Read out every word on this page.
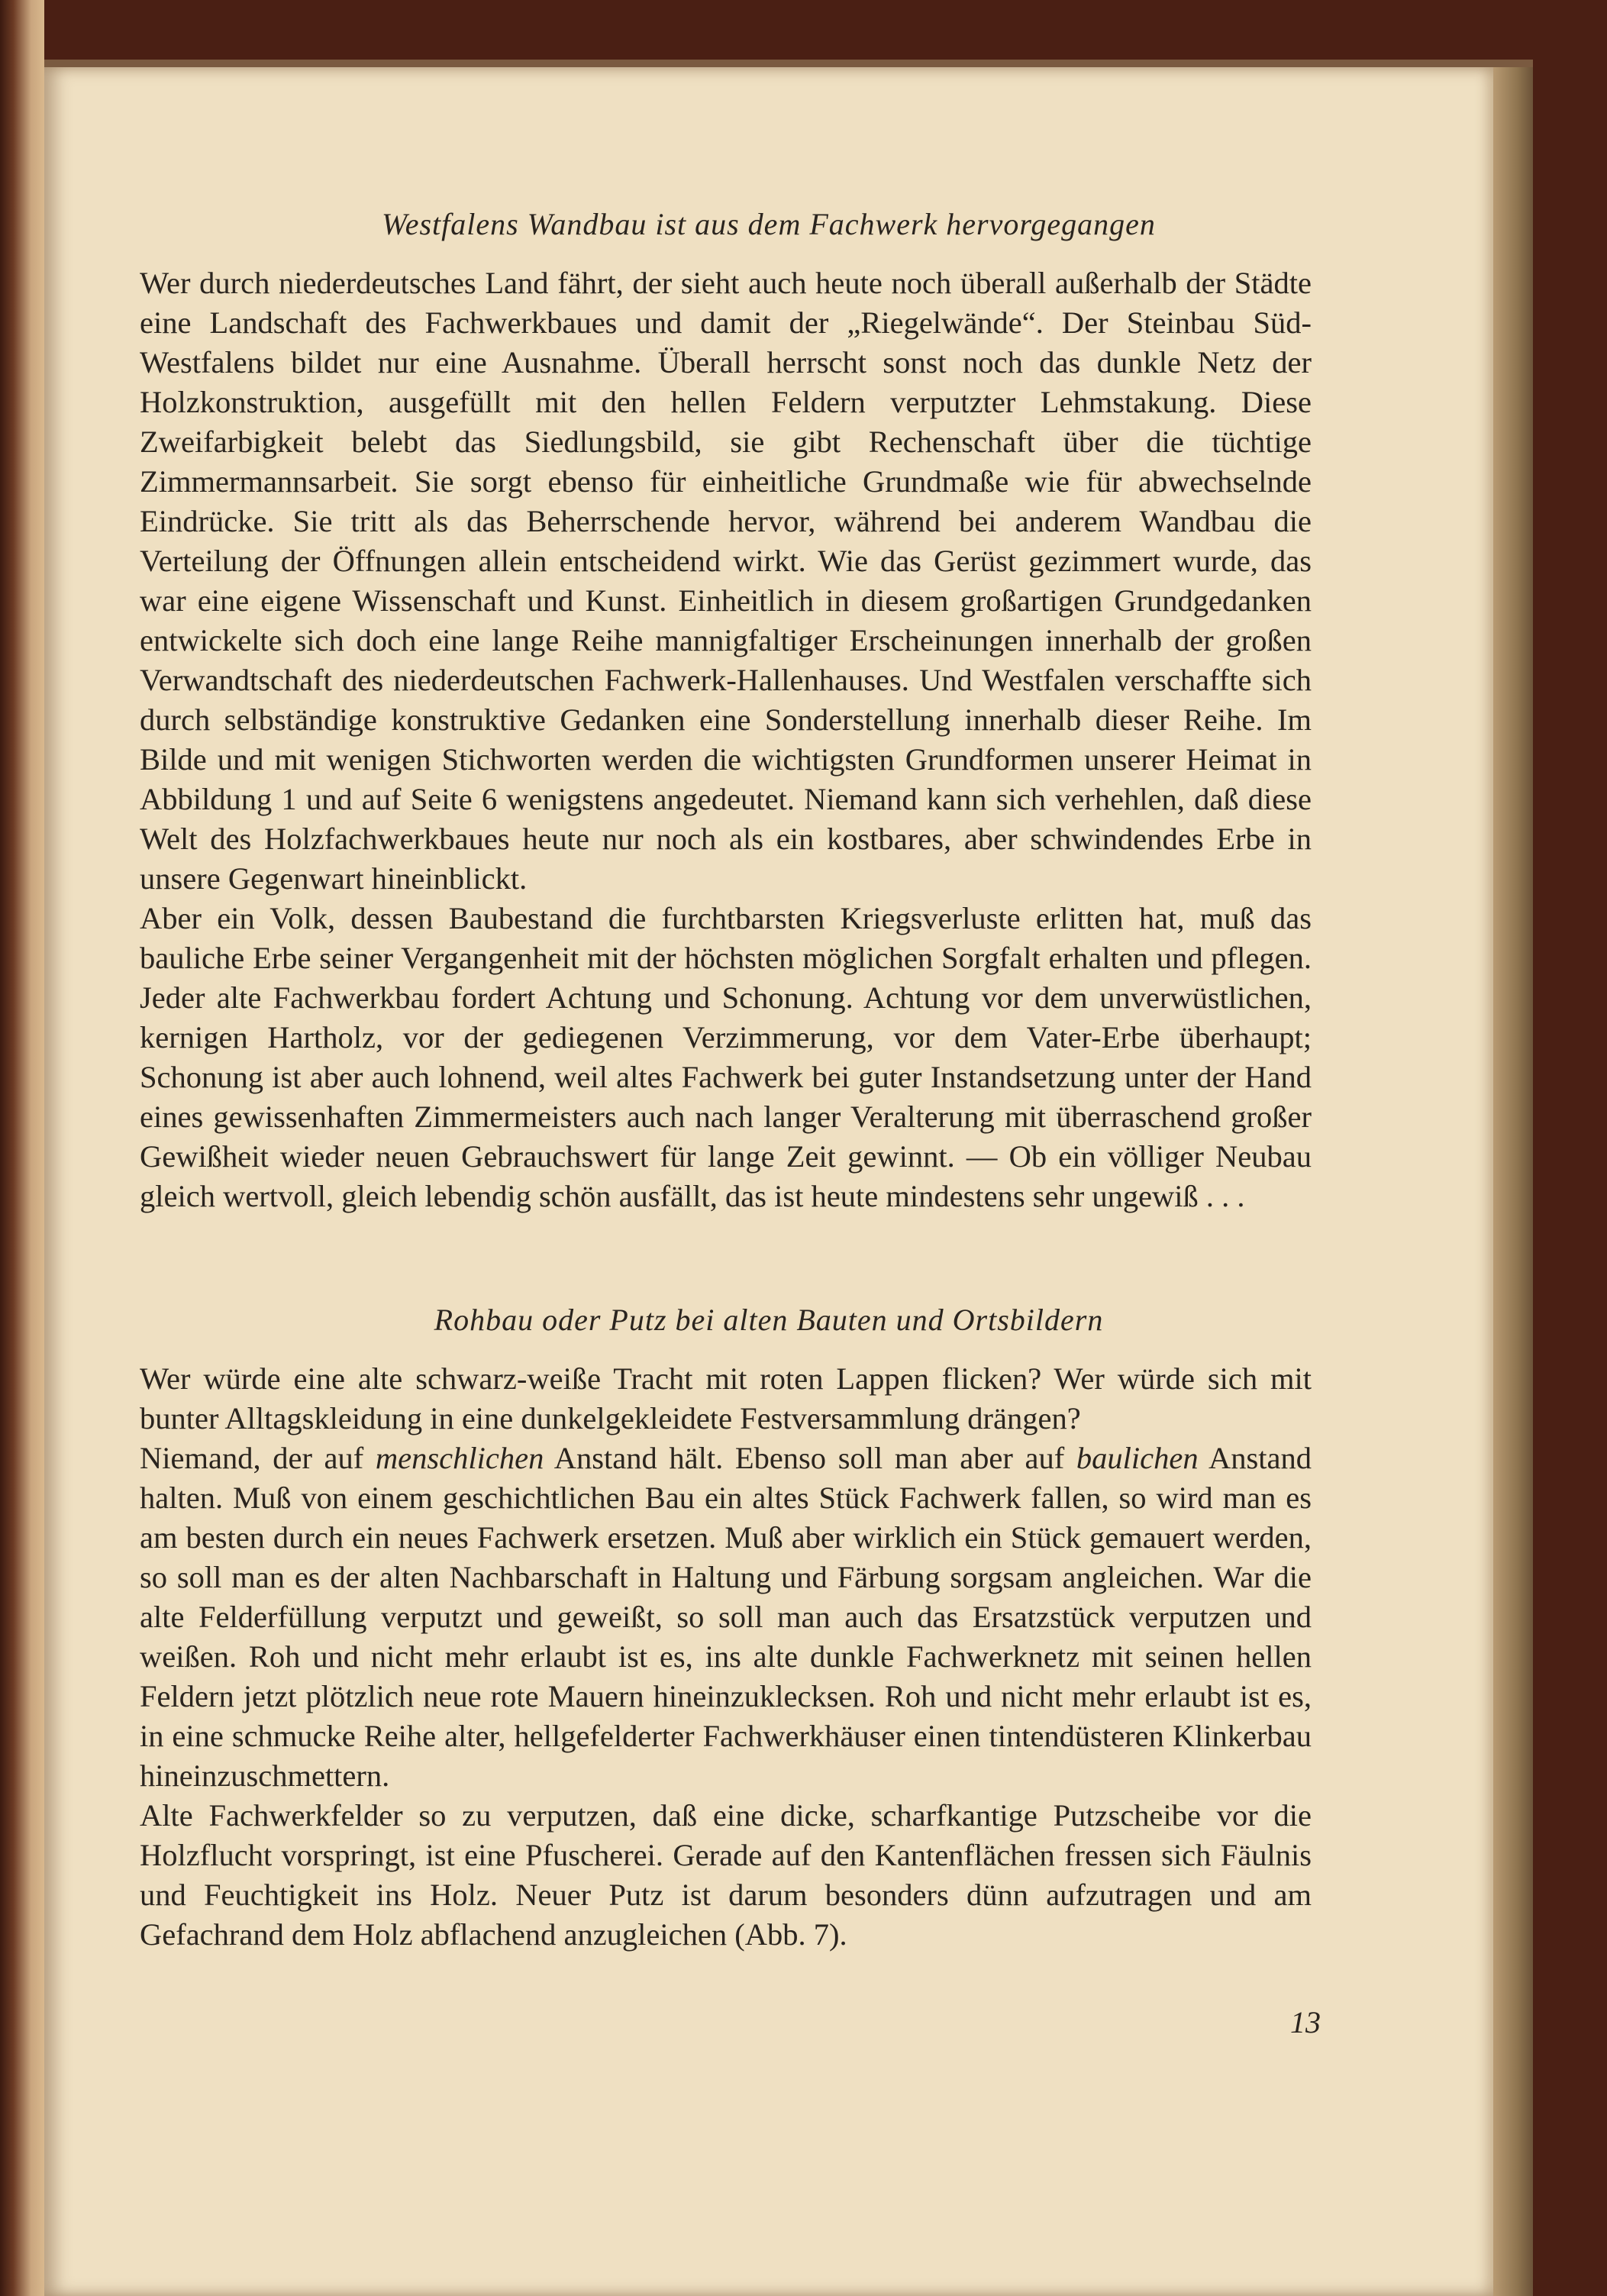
Westfalens Wandbau ist aus dem Fachwerk hervorgegangen

Wer durch niederdeutsches Land fährt, der sieht auch heute noch überall außerhalb der Städte eine Landschaft des Fachwerkbaues und damit der „Riegelwände“. Der Steinbau Süd-Westfalens bildet nur eine Ausnahme. Überall herrscht sonst noch das dunkle Netz der Holzkonstruktion, ausgefüllt mit den hellen Feldern verputzter Lehmstakung. Diese Zweifarbigkeit belebt das Siedlungsbild, sie gibt Rechenschaft über die tüchtige Zimmermannsarbeit. Sie sorgt ebenso für einheitliche Grundmaße wie für abwechselnde Eindrücke. Sie tritt als das Beherrschende hervor, während bei anderem Wandbau die Verteilung der Öffnungen allein entscheidend wirkt. Wie das Gerüst gezimmert wurde, das war eine eigene Wissenschaft und Kunst. Einheitlich in diesem großartigen Grundgedanken entwickelte sich doch eine lange Reihe mannigfaltiger Erscheinungen innerhalb der großen Verwandtschaft des niederdeutschen Fachwerk-Hallenhauses. Und Westfalen verschaffte sich durch selbständige konstruktive Gedanken eine Sonderstellung innerhalb dieser Reihe. Im Bilde und mit wenigen Stichworten werden die wichtigsten Grundformen unserer Heimat in Abbildung 1 und auf Seite 6 wenigstens angedeutet. Niemand kann sich verhehlen, daß diese Welt des Holzfachwerkbaues heute nur noch als ein kostbares, aber schwindendes Erbe in unsere Gegenwart hineinblickt.

Aber ein Volk, dessen Baubestand die furchtbarsten Kriegsverluste erlitten hat, muß das bauliche Erbe seiner Vergangenheit mit der höchsten möglichen Sorgfalt erhalten und pflegen. Jeder alte Fachwerkbau fordert Achtung und Schonung. Achtung vor dem unverwüstlichen, kernigen Hartholz, vor der gediegenen Verzimmerung, vor dem Vater-Erbe überhaupt; Schonung ist aber auch lohnend, weil altes Fachwerk bei guter Instandsetzung unter der Hand eines gewissenhaften Zimmermeisters auch nach langer Veralterung mit überraschend großer Gewißheit wieder neuen Gebrauchswert für lange Zeit gewinnt. — Ob ein völliger Neubau gleich wertvoll, gleich lebendig schön ausfällt, das ist heute mindestens sehr ungewiß . . .

Rohbau oder Putz bei alten Bauten und Ortsbildern

Wer würde eine alte schwarz-weiße Tracht mit roten Lappen flicken? Wer würde sich mit bunter Alltagskleidung in eine dunkelgekleidete Festversammlung drängen?

Niemand, der auf menschlichen Anstand hält. Ebenso soll man aber auf baulichen Anstand halten. Muß von einem geschichtlichen Bau ein altes Stück Fachwerk fallen, so wird man es am besten durch ein neues Fachwerk ersetzen. Muß aber wirklich ein Stück gemauert werden, so soll man es der alten Nachbarschaft in Haltung und Färbung sorgsam angleichen. War die alte Felderfüllung verputzt und geweißt, so soll man auch das Ersatzstück verputzen und weißen. Roh und nicht mehr erlaubt ist es, ins alte dunkle Fachwerknetz mit seinen hellen Feldern jetzt plötzlich neue rote Mauern hineinzuklecksen. Roh und nicht mehr erlaubt ist es, in eine schmucke Reihe alter, hellgefelderter Fachwerkhäuser einen tintendüsteren Klinkerbau hineinzuschmettern.

Alte Fachwerkfelder so zu verputzen, daß eine dicke, scharfkantige Putzscheibe vor die Holzflucht vorspringt, ist eine Pfuscherei. Gerade auf den Kantenflächen fressen sich Fäulnis und Feuchtigkeit ins Holz. Neuer Putz ist darum besonders dünn aufzutragen und am Gefachrand dem Holz abflachend anzugleichen (Abb. 7).

13
